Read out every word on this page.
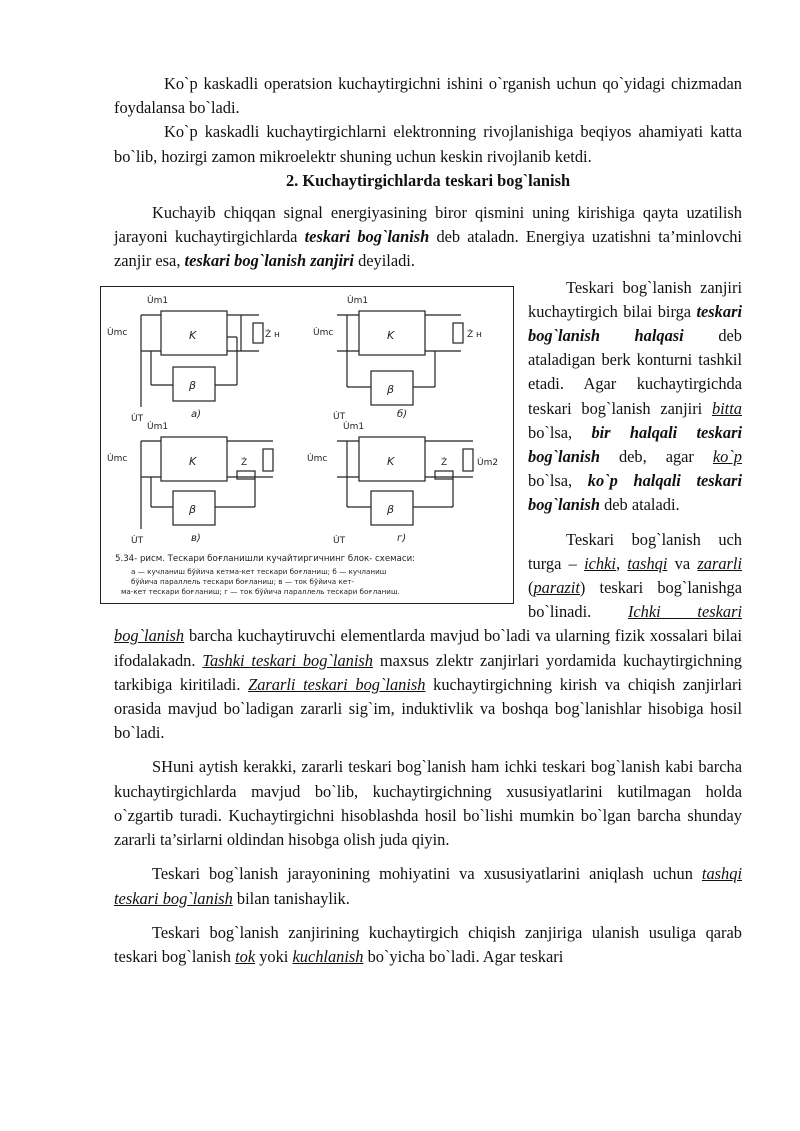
Ko`p kaskadli operatsion kuchaytirgichni ishini o`rganish uchun qo`yidagi chizmadan foydalansa bo`ladi.

Ko`p kaskadli kuchaytirgichlarni elektronning rivojlanishiga beqiyos ahamiyati katta bo`lib, hozirgi zamon mikroelektr shuning uchun keskin rivojlanib ketdi.

2. Kuchaytirgichlarda teskari bog`lanish

Kuchayib chiqqan signal energiyasining biror qismini uning kirishiga qayta uzatilish jarayoni kuchaytirgichlarda teskari bog`lanish deb ataladn. Energiya uzatishni ta’minlovchi zanjir esa, teskari bog`lanish zanjiri deyiladi.

K
β
U̇m1
U̇mc	Ż н
U̇T	a)
K
β
U̇m1
U̇mc	Ż н
U̇T	б)
K
β
U̇m1
U̇mc	Ż
U̇T	в)
K
β
U̇m1
U̇mc	Ż	U̇m2
U̇T	г)
5.34- рисм. Тескари боғланишли кучайтиргичнинг блок- схемаси:
а — кучланиш бўйича кетма-кет тескари боғланиш; б — кучланиш
бўйича параллель тескари боғланиш; в — ток бўйича кет-
ма-кет тескари боғланиш; г — ток бўйича параллель тескари боғланиш.

Teskari bog`lanish zanjiri kuchaytirgich bilai birga teskari bog`lanish halqasi deb ataladigan berk konturni tashkil etadi. Agar kuchaytirgichda teskari bog`lanish zanjiri bitta bo`lsa, bir halqali teskari bog`lanish deb, agar ko`p bo`lsa, ko`p halqali teskari bog`lanish deb ataladi.

Teskari bog`lanish uch turga – ichki, tashqi va zararli (parazit) teskari bog`lanishga bo`linadi. Ichki teskari bog`lanish barcha kuchaytiruvchi elementlarda mavjud bo`ladi va ularning fizik xossalari bilai ifodalakadn. Tashki teskari bog`lanish maxsus zlektr zanjirlari yordamida kuchaytirgichning tarkibiga kiritiladi. Zararli teskari bog`lanish kuchaytirgichning kirish va chiqish zanjirlari orasida mavjud bo`ladigan zararli sig`im, induktivlik va boshqa bog`lanishlar hisobiga hosil bo`ladi.

SHuni aytish kerakki, zararli teskari bog`lanish ham ichki teskari bog`lanish kabi barcha kuchaytirgichlarda mavjud bo`lib, kuchaytirgichning xususiyatlarini kutilmagan holda o`zgartib turadi. Kuchaytirgichni hisoblashda hosil bo`lishi mumkin bo`lgan barcha shunday zararli ta’sirlarni oldindan hisobga olish juda qiyin.

Teskari bog`lanish jarayonining mohiyatini va xususiyatlarini aniqlash uchun tashqi teskari bog`lanish bilan tanishaylik.

Teskari bog`lanish zanjirining kuchaytirgich chiqish zanjiriga ulanish usuliga qarab teskari bog`lanish tok yoki kuchlanish bo`yicha bo`ladi. Agar teskari
